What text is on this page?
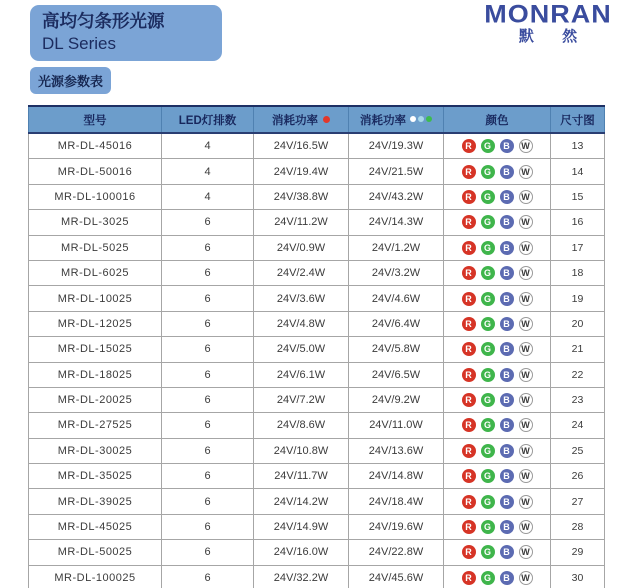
高均匀条形光源
DL Series
光源参数表
MONRAN
默 然
型号	LED灯排数	消耗功率	消耗功率	颜色	尺寸图
MR-DL-45016	4	24V/16.5W	24V/19.3W	R G B W	13
MR-DL-50016	4	24V/19.4W	24V/21.5W	R G B W	14
MR-DL-100016	4	24V/38.8W	24V/43.2W	R G B W	15
MR-DL-3025	6	24V/11.2W	24V/14.3W	R G B W	16
MR-DL-5025	6	24V/0.9W	24V/1.2W	R G B W	17
MR-DL-6025	6	24V/2.4W	24V/3.2W	R G B W	18
MR-DL-10025	6	24V/3.6W	24V/4.6W	R G B W	19
MR-DL-12025	6	24V/4.8W	24V/6.4W	R G B W	20
MR-DL-15025	6	24V/5.0W	24V/5.8W	R G B W	21
MR-DL-18025	6	24V/6.1W	24V/6.5W	R G B W	22
MR-DL-20025	6	24V/7.2W	24V/9.2W	R G B W	23
MR-DL-27525	6	24V/8.6W	24V/11.0W	R G B W	24
MR-DL-30025	6	24V/10.8W	24V/13.6W	R G B W	25
MR-DL-35025	6	24V/11.7W	24V/14.8W	R G B W	26
MR-DL-39025	6	24V/14.2W	24V/18.4W	R G B W	27
MR-DL-45025	6	24V/14.9W	24V/19.6W	R G B W	28
MR-DL-50025	6	24V/16.0W	24V/22.8W	R G B W	29
MR-DL-100025	6	24V/32.2W	24V/45.6W	R G B W	30
